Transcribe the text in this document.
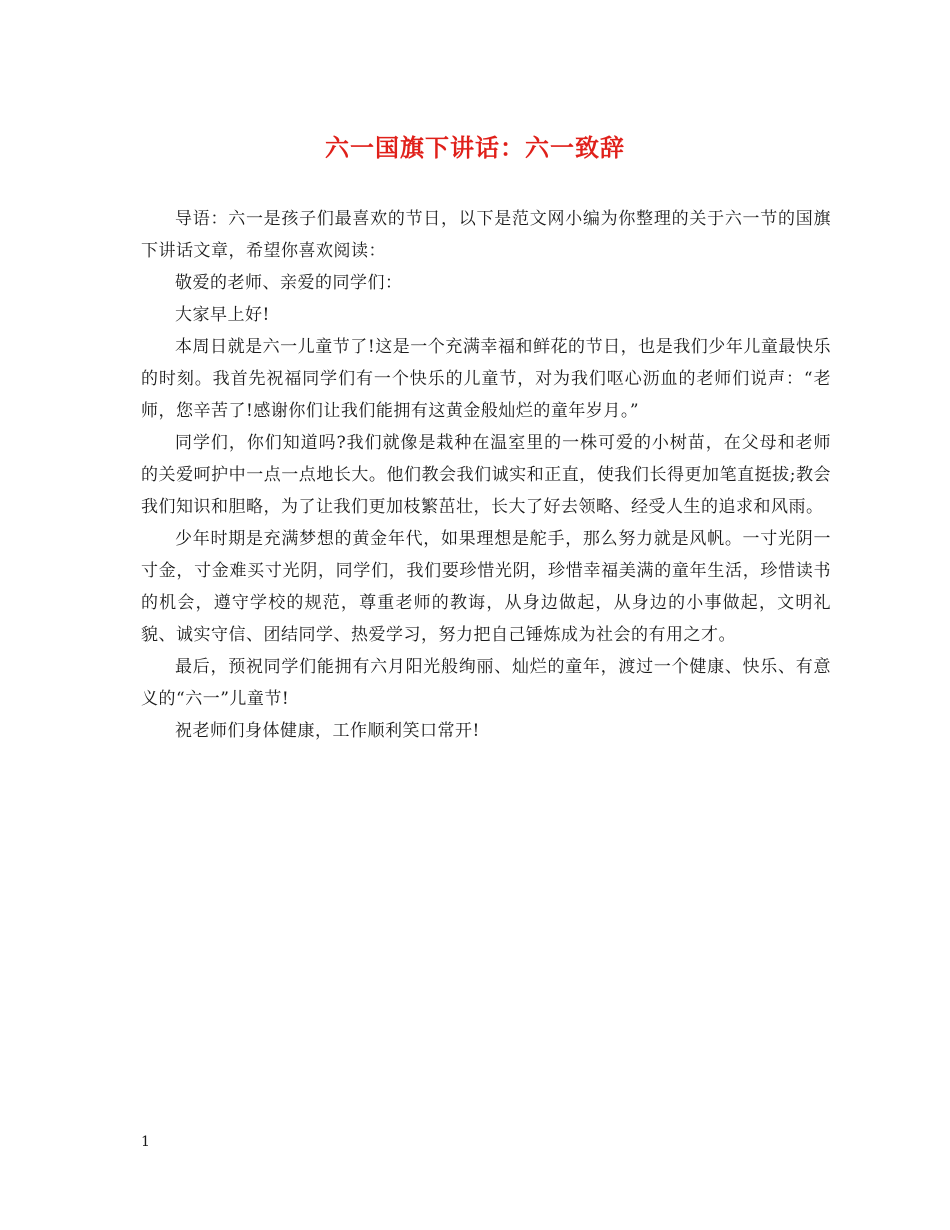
六一国旗下讲话：六一致辞

导语：六一是孩子们最喜欢的节日，以下是范文网小编为你整理的关于六一节的国旗下讲话文章，希望你喜欢阅读：

敬爱的老师、亲爱的同学们：

大家早上好!

本周日就是六一儿童节了!这是一个充满幸福和鲜花的节日，也是我们少年儿童最快乐的时刻。我首先祝福同学们有一个快乐的儿童节，对为我们呕心沥血的老师们说声：“老师，您辛苦了!感谢你们让我们能拥有这黄金般灿烂的童年岁月。”

同学们，你们知道吗?我们就像是栽种在温室里的一株可爱的小树苗，在父母和老师的关爱呵护中一点一点地长大。他们教会我们诚实和正直，使我们长得更加笔直挺拔;教会我们知识和胆略，为了让我们更加枝繁茁壮，长大了好去领略、经受人生的追求和风雨。

少年时期是充满梦想的黄金年代，如果理想是舵手，那么努力就是风帆。一寸光阴一寸金，寸金难买寸光阴，同学们，我们要珍惜光阴，珍惜幸福美满的童年生活，珍惜读书的机会，遵守学校的规范，尊重老师的教诲，从身边做起，从身边的小事做起，文明礼貌、诚实守信、团结同学、热爱学习，努力把自己锤炼成为社会的有用之才。

最后，预祝同学们能拥有六月阳光般绚丽、灿烂的童年，渡过一个健康、快乐、有意义的“六一”儿童节!

祝老师们身体健康，工作顺利笑口常开!

1
